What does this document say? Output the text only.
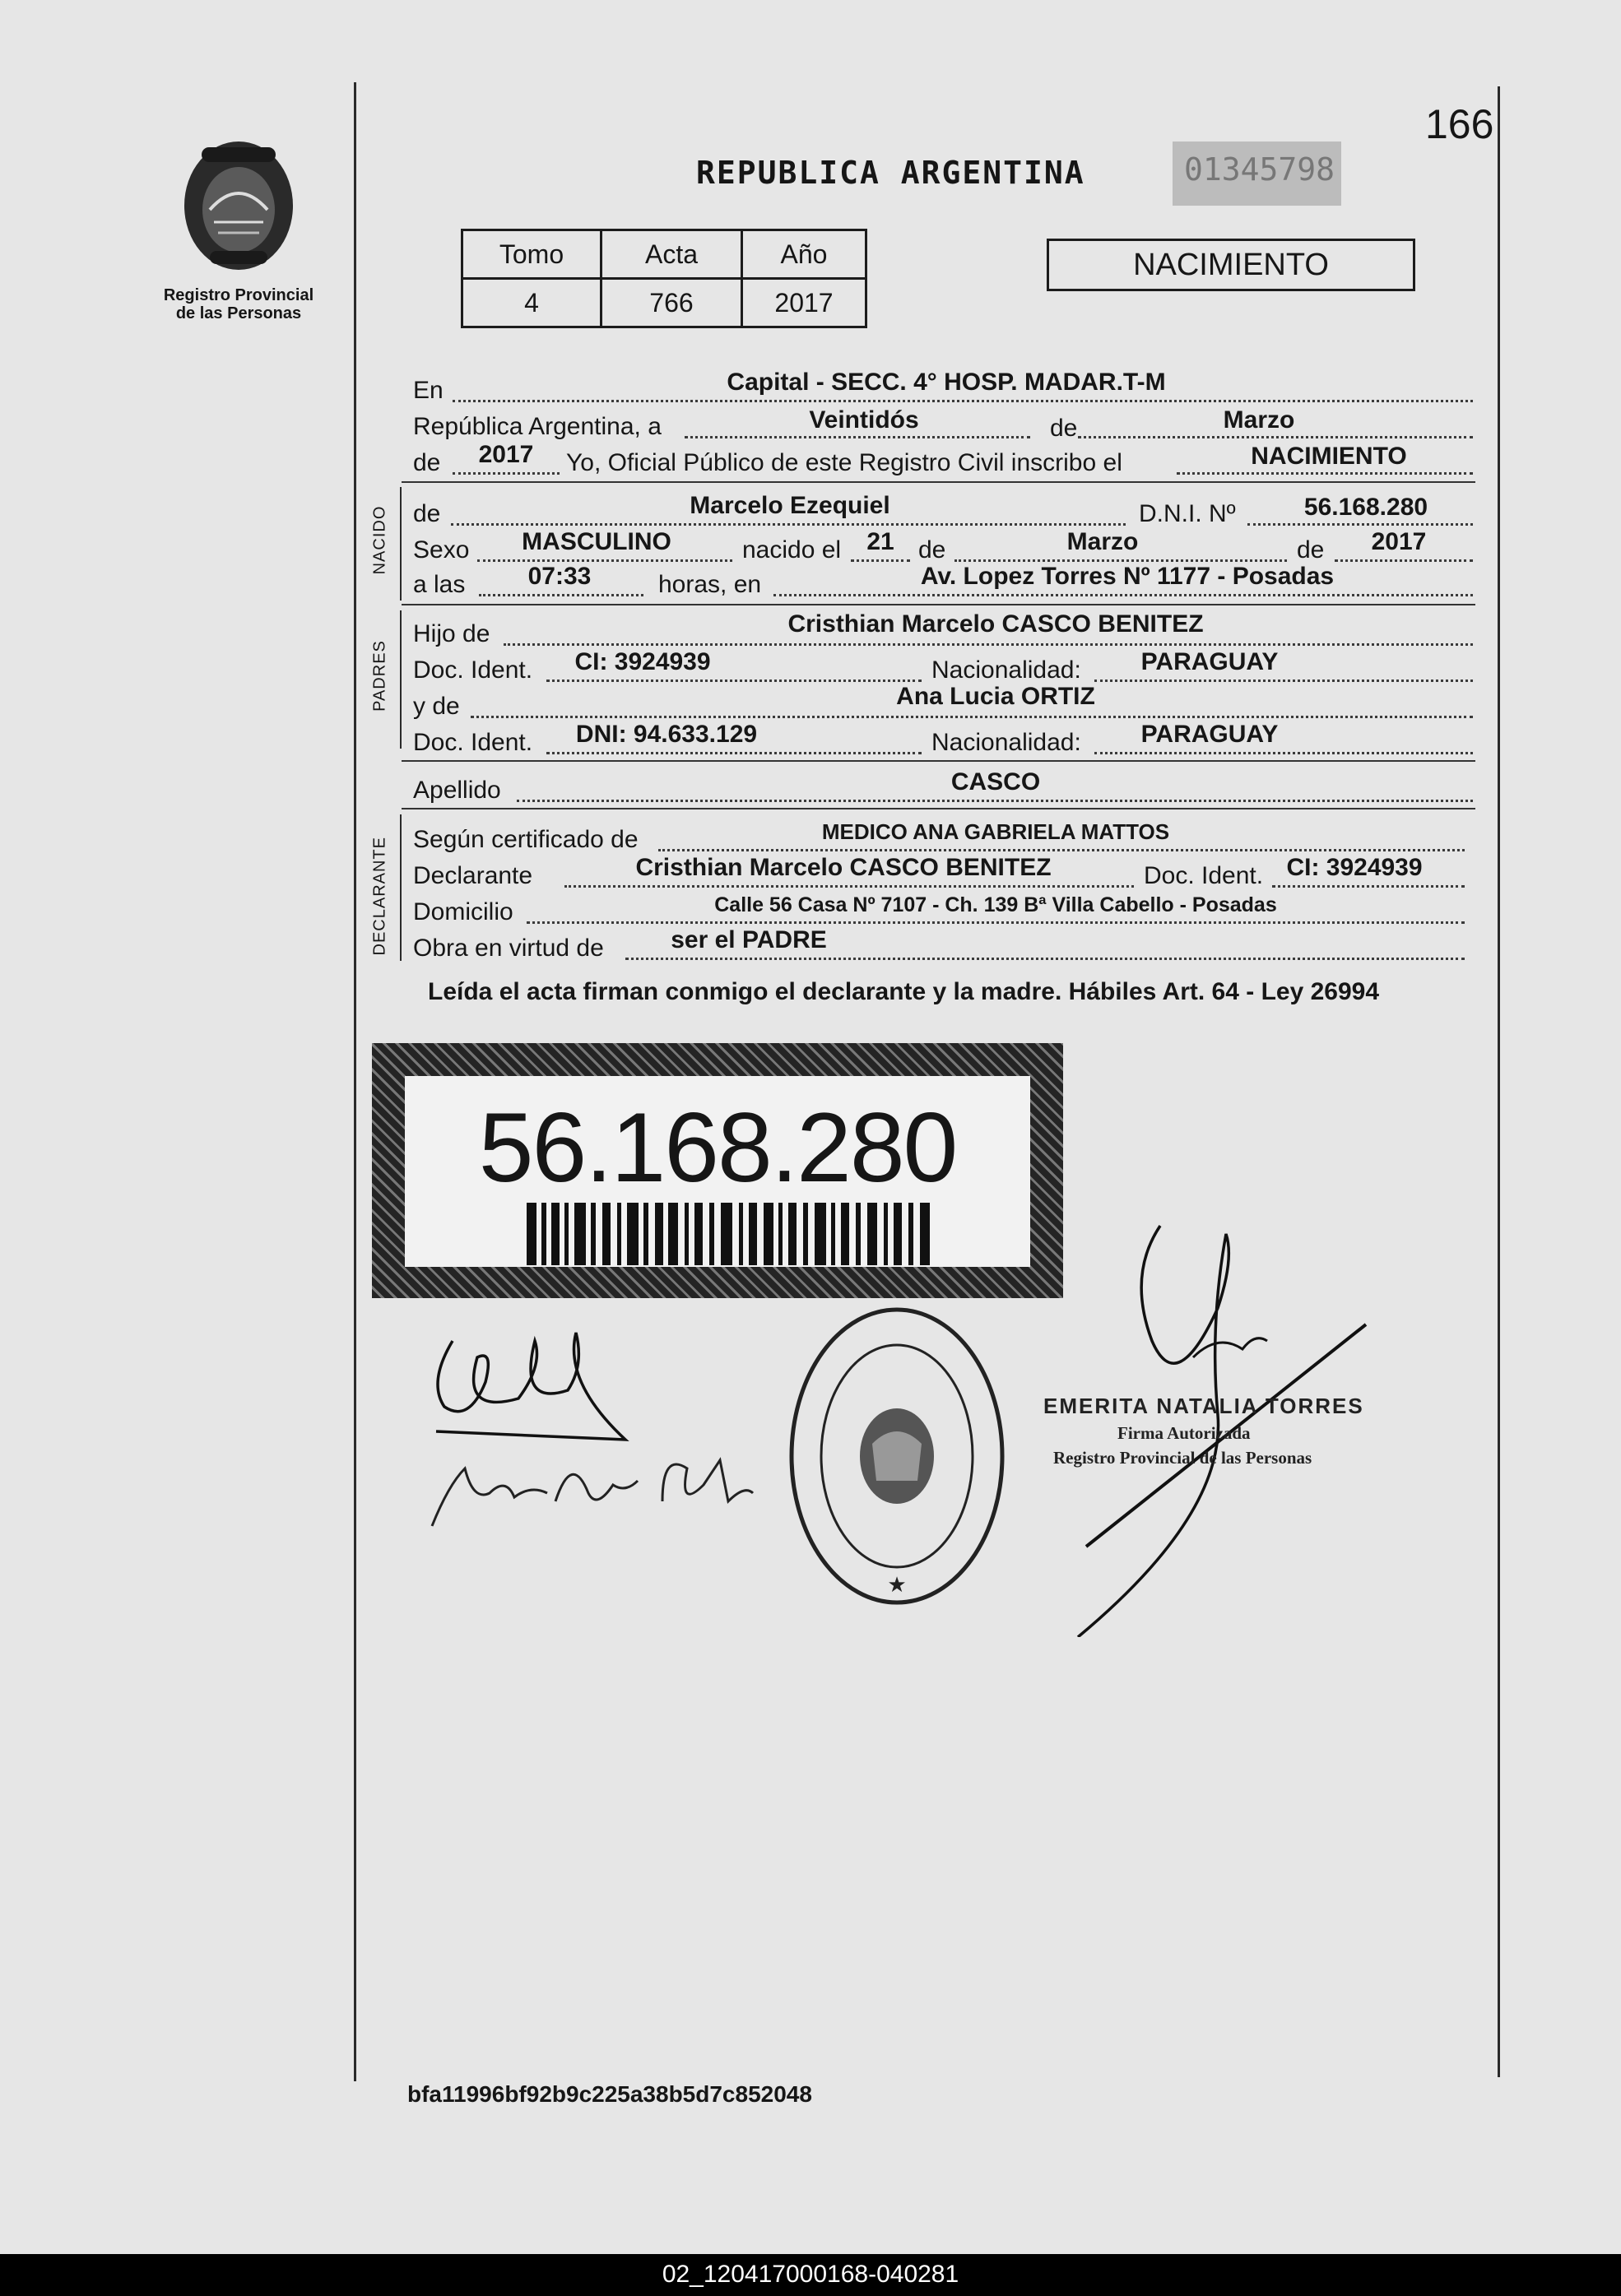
Registro Provincial
de las Personas
166
REPUBLICA ARGENTINA	01345798
Tomo	Acta	Año
4	766	2017
NACIMIENTO
En	Capital - SECC. 4° HOSP. MADAR.T-M
República Argentina, a	Veintidós	de	Marzo
de	2017	Yo, Oficial Público de este Registro Civil inscribo el	NACIMIENTO
NACIDO de	Marcelo Ezequiel	D.N.I. Nº	56.168.280
Sexo	MASCULINO	nacido el	21 de	Marzo	de	2017
a las	07:33	horas, en	Av. Lopez Torres Nº 1177 - Posadas
PADRES
Hijo de	Cristhian Marcelo CASCO BENITEZ
Doc. Ident.	CI: 3924939	Nacionalidad:	PARAGUAY
y de	Ana Lucia ORTIZ
Doc. Ident.	DNI: 94.633.129	Nacionalidad:	PARAGUAY
Apellido	CASCO
DECLARANTE Según certificado de	MEDICO ANA GABRIELA MATTOS
Declarante	Cristhian Marcelo CASCO BENITEZ	Doc. Ident. CI: 3924939
Domicilio	Calle 56 Casa Nº 7107 - Ch. 139 Bª Villa Cabello - Posadas
Obra en virtud de	ser el PADRE
Leída el acta firman conmigo el declarante y la madre. Hábiles Art. 64 - Ley 26994
56.168.280
★
EMERITA NATALIA TORRES
Firma Autorizada
Registro Provincial de las Personas
bfa11996bf92b9c225a38b5d7c852048
02_120417000168-040281
